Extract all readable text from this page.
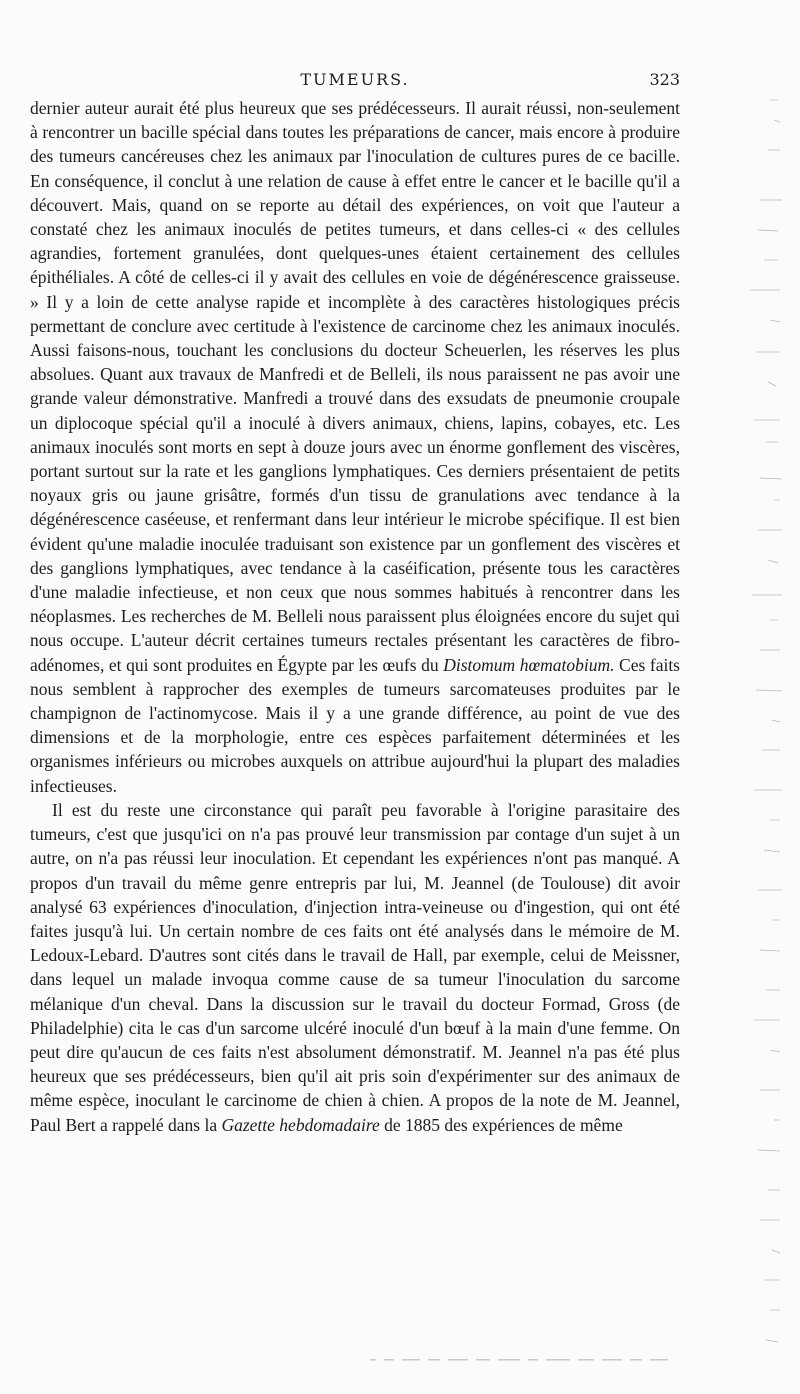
TUMEURS.	323

dernier auteur aurait été plus heureux que ses prédécesseurs. Il aurait réussi, non-seulement à rencontrer un bacille spécial dans toutes les préparations de cancer, mais encore à produire des tumeurs cancéreuses chez les animaux par l'inoculation de cultures pures de ce bacille. En conséquence, il conclut à une relation de cause à effet entre le cancer et le bacille qu'il a découvert. Mais, quand on se reporte au détail des expériences, on voit que l'auteur a constaté chez les animaux inoculés de petites tumeurs, et dans celles-ci « des cellules agrandies, fortement granulées, dont quelques-unes étaient certainement des cellules épithéliales. A côté de celles-ci il y avait des cellules en voie de dégénérescence graisseuse. » Il y a loin de cette analyse rapide et incomplète à des caractères histologiques précis permettant de conclure avec certitude à l'existence de carcinome chez les animaux inoculés. Aussi faisons-nous, touchant les conclusions du docteur Scheuerlen, les réserves les plus absolues. Quant aux travaux de Manfredi et de Belleli, ils nous paraissent ne pas avoir une grande valeur démonstrative. Manfredi a trouvé dans des exsudats de pneumonie croupale un diplocoque spécial qu'il a inoculé à divers animaux, chiens, lapins, cobayes, etc. Les animaux inoculés sont morts en sept à douze jours avec un énorme gonflement des viscères, portant surtout sur la rate et les ganglions lymphatiques. Ces derniers présentaient de petits noyaux gris ou jaune grisâtre, formés d'un tissu de granulations avec tendance à la dégénérescence caséeuse, et renfermant dans leur intérieur le microbe spécifique. Il est bien évident qu'une maladie inoculée traduisant son existence par un gonflement des viscères et des ganglions lymphatiques, avec tendance à la caséification, présente tous les caractères d'une maladie infectieuse, et non ceux que nous sommes habitués à rencontrer dans les néoplasmes. Les recherches de M. Belleli nous paraissent plus éloignées encore du sujet qui nous occupe. L'auteur décrit certaines tumeurs rectales présentant les caractères de fibro-adénomes, et qui sont produites en Égypte par les œufs du Distomum hœmatobium. Ces faits nous semblent à rapprocher des exemples de tumeurs sarcomateuses produites par le champignon de l'actinomycose. Mais il y a une grande différence, au point de vue des dimensions et de la morphologie, entre ces espèces parfaitement déterminées et les organismes inférieurs ou microbes auxquels on attribue aujourd'hui la plupart des maladies infectieuses.

Il est du reste une circonstance qui paraît peu favorable à l'origine parasitaire des tumeurs, c'est que jusqu'ici on n'a pas prouvé leur transmission par contage d'un sujet à un autre, on n'a pas réussi leur inoculation. Et cependant les expériences n'ont pas manqué. A propos d'un travail du même genre entrepris par lui, M. Jeannel (de Toulouse) dit avoir analysé 63 expériences d'inoculation, d'injection intra-veineuse ou d'ingestion, qui ont été faites jusqu'à lui. Un certain nombre de ces faits ont été analysés dans le mémoire de M. Ledoux-Lebard. D'autres sont cités dans le travail de Hall, par exemple, celui de Meissner, dans lequel un malade invoqua comme cause de sa tumeur l'inoculation du sarcome mélanique d'un cheval. Dans la discussion sur le travail du docteur Formad, Gross (de Philadelphie) cita le cas d'un sarcome ulcéré inoculé d'un bœuf à la main d'une femme. On peut dire qu'aucun de ces faits n'est absolument démonstratif. M. Jeannel n'a pas été plus heureux que ses prédécesseurs, bien qu'il ait pris soin d'expérimenter sur des animaux de même espèce, inoculant le carcinome de chien à chien. A propos de la note de M. Jeannel, Paul Bert a rappelé dans la Gazette hebdomadaire de 1885 des expériences de même
